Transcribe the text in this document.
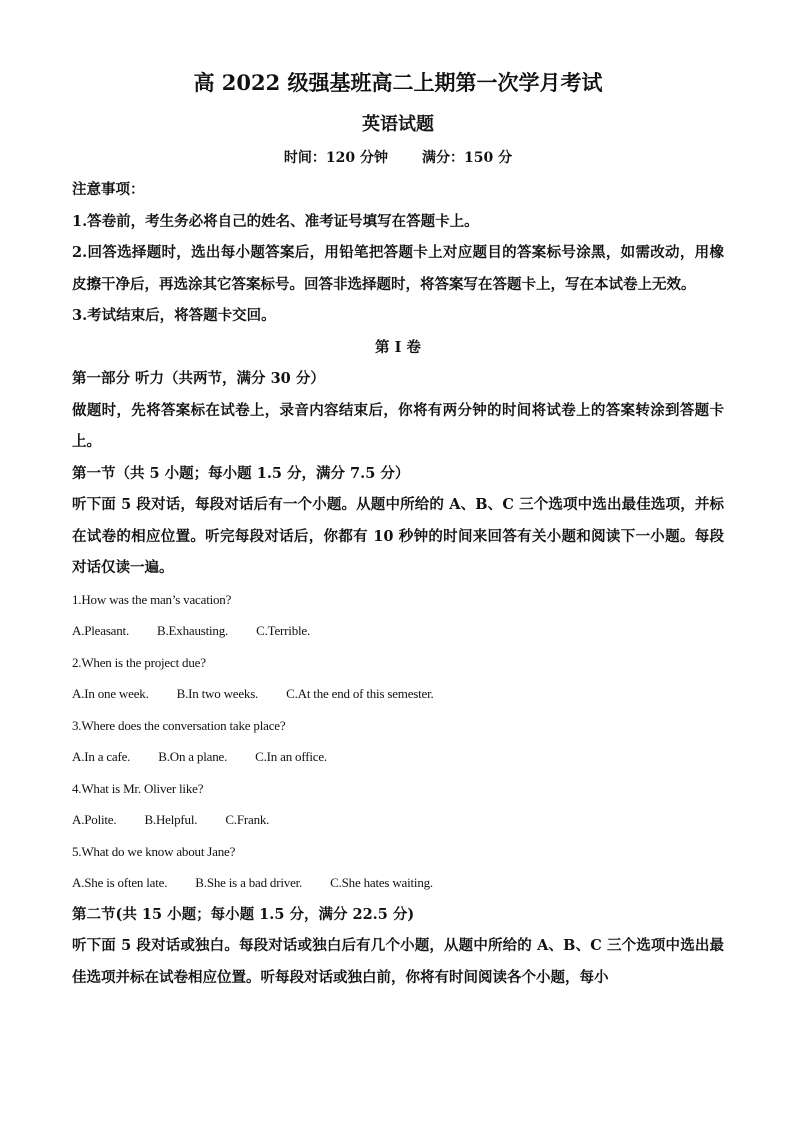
高 2022 级强基班高二上期第一次学月考试
英语试题
时间：120 分钟 满分：150 分

注意事项：

1.答卷前，考生务必将自己的姓名、准考证号填写在答题卡上。

2.回答选择题时，选出每小题答案后，用铅笔把答题卡上对应题目的答案标号涂黑，如需改动，用橡皮擦干净后，再选涂其它答案标号。回答非选择题时，将答案写在答题卡上，写在本试卷上无效。

3.考试结束后，将答题卡交回。

第 I 卷

第一部分 听力（共两节，满分 30 分）

做题时，先将答案标在试卷上，录音内容结束后，你将有两分钟的时间将试卷上的答案转涂到答题卡上。

第一节（共 5 小题；每小题 1.5 分，满分 7.5 分）

听下面 5 段对话，每段对话后有一个小题。从题中所给的 A、B、C 三个选项中选出最佳选项，并标在试卷的相应位置。听完每段对话后，你都有 10 秒钟的时间来回答有关小题和阅读下一小题。每段对话仅读一遍。

1.How was the man’s vacation?

A.Pleasant. B.Exhausting. C.Terrible.

2.When is the project due?

A.In one week. B.In two weeks. C.At the end of this semester.

3.Where does the conversation take place?

A.In a cafe. B.On a plane. C.In an office.

4.What is Mr. Oliver like?

A.Polite. B.Helpful. C.Frank.

5.What do we know about Jane?

A.She is often late. B.She is a bad driver. C.She hates waiting.

第二节(共 15 小题；每小题 1.5 分，满分 22.5 分)

听下面 5 段对话或独白。每段对话或独白后有几个小题，从题中所给的 A、B、C 三个选项中选出最佳选项并标在试卷相应位置。听每段对话或独白前，你将有时间阅读各个小题，每小
